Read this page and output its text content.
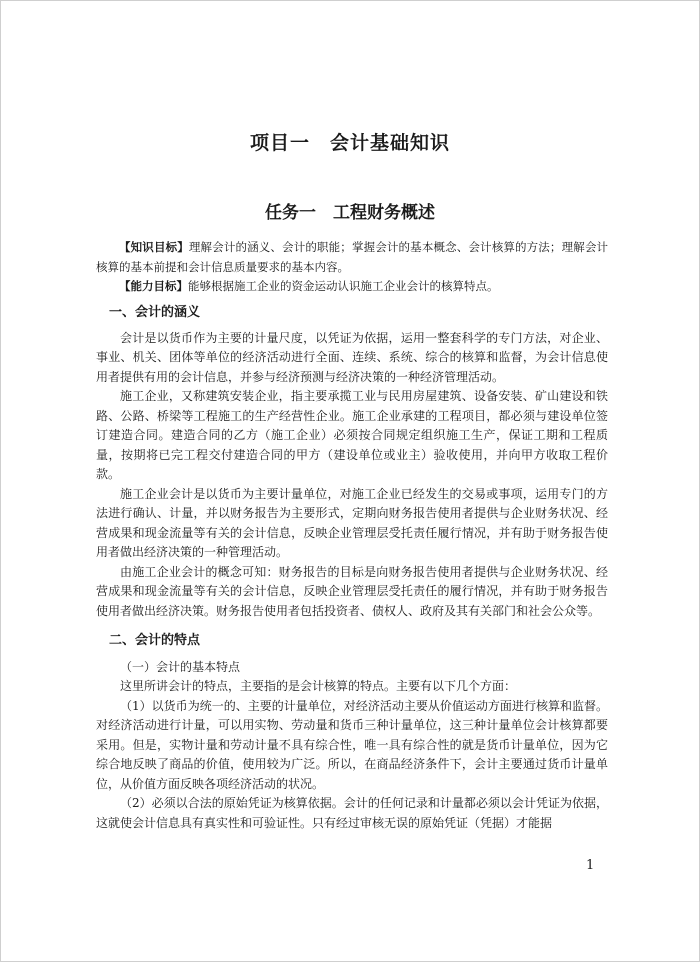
项目一　会计基础知识
任务一　工程财务概述

【知识目标】理解会计的涵义、会计的职能；掌握会计的基本概念、会计核算的方法；理解会计核算的基本前提和会计信息质量要求的基本内容。

【能力目标】能够根据施工企业的资金运动认识施工企业会计的核算特点。

一、会计的涵义

会计是以货币作为主要的计量尺度，以凭证为依据，运用一整套科学的专门方法，对企业、事业、机关、团体等单位的经济活动进行全面、连续、系统、综合的核算和监督，为会计信息使用者提供有用的会计信息，并参与经济预测与经济决策的一种经济管理活动。

施工企业，又称建筑安装企业，指主要承揽工业与民用房屋建筑、设备安装、矿山建设和铁路、公路、桥梁等工程施工的生产经营性企业。施工企业承建的工程项目，都必须与建设单位签订建造合同。建造合同的乙方（施工企业）必须按合同规定组织施工生产，保证工期和工程质量，按期将已完工程交付建造合同的甲方（建设单位或业主）验收使用，并向甲方收取工程价款。

施工企业会计是以货币为主要计量单位，对施工企业已经发生的交易或事项，运用专门的方法进行确认、计量，并以财务报告为主要形式，定期向财务报告使用者提供与企业财务状况、经营成果和现金流量等有关的会计信息，反映企业管理层受托责任履行情况，并有助于财务报告使用者做出经济决策的一种管理活动。

由施工企业会计的概念可知：财务报告的目标是向财务报告使用者提供与企业财务状况、经营成果和现金流量等有关的会计信息，反映企业管理层受托责任的履行情况，并有助于财务报告使用者做出经济决策。财务报告使用者包括投资者、债权人、政府及其有关部门和社会公众等。

二、会计的特点

（一）会计的基本特点

这里所讲会计的特点，主要指的是会计核算的特点。主要有以下几个方面：

（1）以货币为统一的、主要的计量单位，对经济活动主要从价值运动方面进行核算和监督。对经济活动进行计量，可以用实物、劳动量和货币三种计量单位，这三种计量单位会计核算都要采用。但是，实物计量和劳动计量不具有综合性，唯一具有综合性的就是货币计量单位，因为它综合地反映了商品的价值，使用较为广泛。所以，在商品经济条件下，会计主要通过货币计量单位，从价值方面反映各项经济活动的状况。

（2）必须以合法的原始凭证为核算依据。会计的任何记录和计量都必须以会计凭证为依据，这就使会计信息具有真实性和可验证性。只有经过审核无误的原始凭证（凭据）才能据

1
